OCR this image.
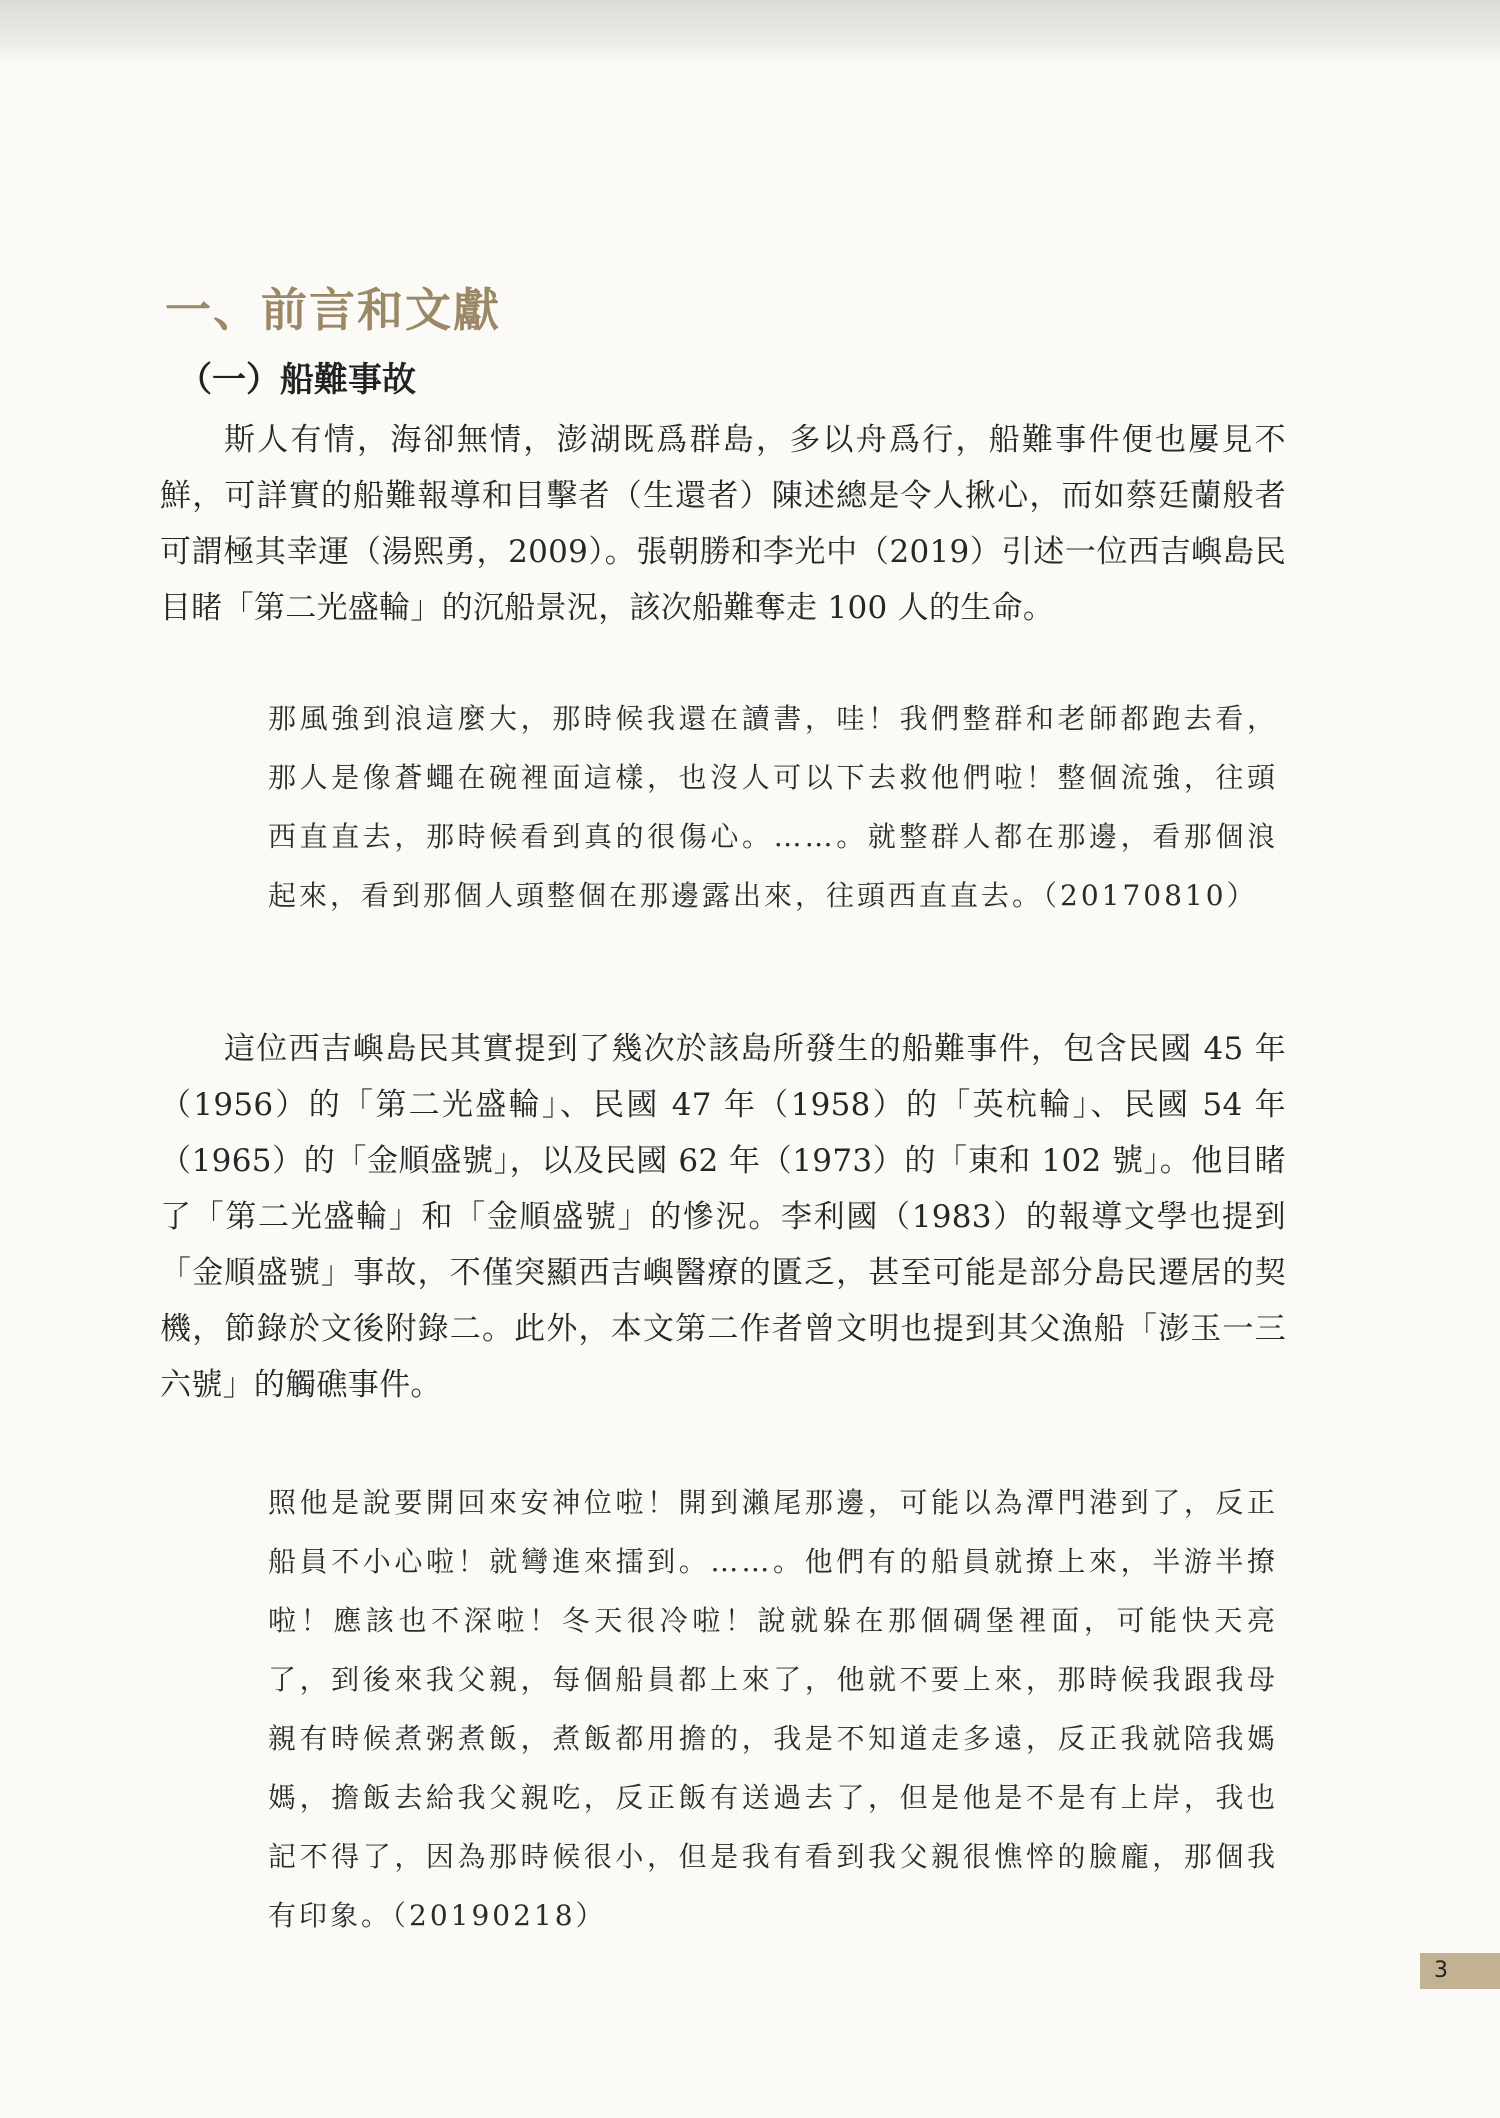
一、前言和文獻
（一）船難事故

斯人有情，海卻無情，澎湖既爲群島，多以舟爲行，船難事件便也屢見不鮮，可詳實的船難報導和目擊者（生還者）陳述總是令人揪心，而如蔡廷蘭般者可謂極其幸運（湯熙勇，2009）。張朝勝和李光中（2019）引述一位西吉嶼島民目睹「第二光盛輪」的沉船景況，該次船難奪走 100 人的生命。

那風強到浪這麼大，那時候我還在讀書，哇！我們整群和老師都跑去看，那人是像蒼蠅在碗裡面這樣，也沒人可以下去救他們啦！整個流強，往頭西直直去，那時候看到真的很傷心。……。就整群人都在那邊，看那個浪起來，看到那個人頭整個在那邊露出來，往頭西直直去。（20170810）

這位西吉嶼島民其實提到了幾次於該島所發生的船難事件，包含民國 45 年（1956）的「第二光盛輪」、民國 47 年（1958）的「英杭輪」、民國 54 年（1965）的「金順盛號」，以及民國 62 年（1973）的「東和 102 號」。他目睹了「第二光盛輪」和「金順盛號」的慘況。李利國（1983）的報導文學也提到「金順盛號」事故，不僅突顯西吉嶼醫療的匱乏，甚至可能是部分島民遷居的契機，節錄於文後附錄二。此外，本文第二作者曾文明也提到其父漁船「澎玉一三六號」的觸礁事件。

照他是說要開回來安神位啦！開到瀨尾那邊，可能以為潭門港到了，反正船員不小心啦！就彎進來擂到。……。他們有的船員就撩上來，半游半撩啦！應該也不深啦！冬天很冷啦！說就躲在那個碉堡裡面，可能快天亮了，到後來我父親，每個船員都上來了，他就不要上來，那時候我跟我母親有時候煮粥煮飯，煮飯都用擔的，我是不知道走多遠，反正我就陪我媽媽，擔飯去給我父親吃，反正飯有送過去了，但是他是不是有上岸，我也記不得了，因為那時候很小，但是我有看到我父親很憔悴的臉龐，那個我有印象。（20190218）

3
